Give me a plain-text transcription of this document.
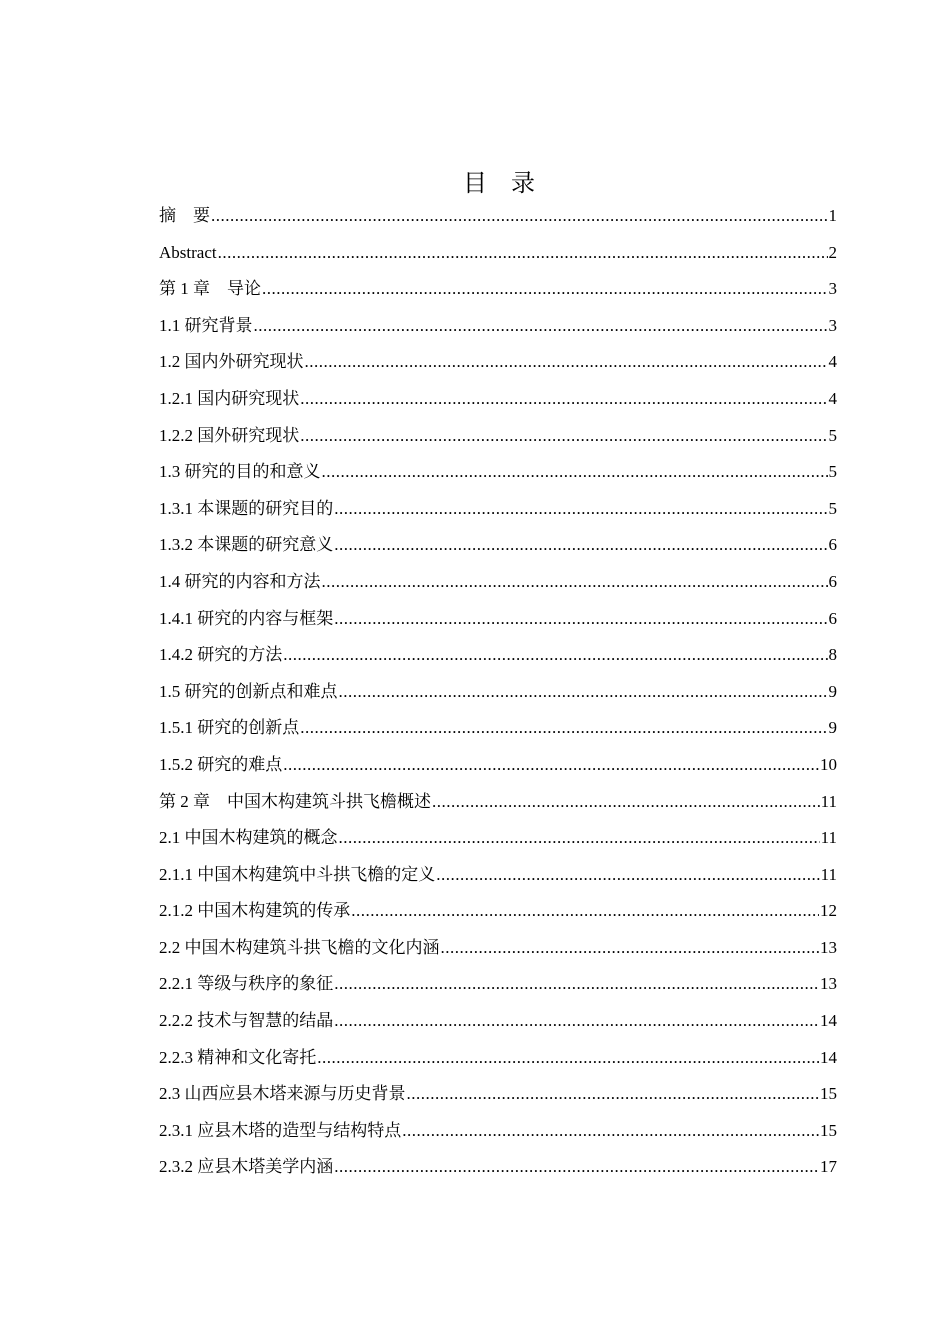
目　录
摘　要 .....	1
Abstract .....	2
第 1 章　导论 .....	3
1.1 研究背景 .....	3
1.2 国内外研究现状 .....	4
1.2.1 国内研究现状 .....	4
1.2.2 国外研究现状 .....	5
1.3 研究的目的和意义 .....	5
1.3.1 本课题的研究目的 .....	5
1.3.2 本课题的研究意义 .....	6
1.4 研究的内容和方法 .....	6
1.4.1 研究的内容与框架 .....	6
1.4.2 研究的方法 .....	8
1.5 研究的创新点和难点 .....	9
1.5.1 研究的创新点 .....	9
1.5.2 研究的难点 .....	10
第 2 章　中国木构建筑斗拱飞檐概述 .....	11
2.1 中国木构建筑的概念 .....	11
2.1.1 中国木构建筑中斗拱飞檐的定义 .....	11
2.1.2 中国木构建筑的传承 .....	12
2.2 中国木构建筑斗拱飞檐的文化内涵 .....	13
2.2.1 等级与秩序的象征 .....	13
2.2.2 技术与智慧的结晶 .....	14
2.2.3 精神和文化寄托 .....	14
2.3 山西应县木塔来源与历史背景 .....	15
2.3.1 应县木塔的造型与结构特点 .....	15
2.3.2 应县木塔美学内涵 .....	17
